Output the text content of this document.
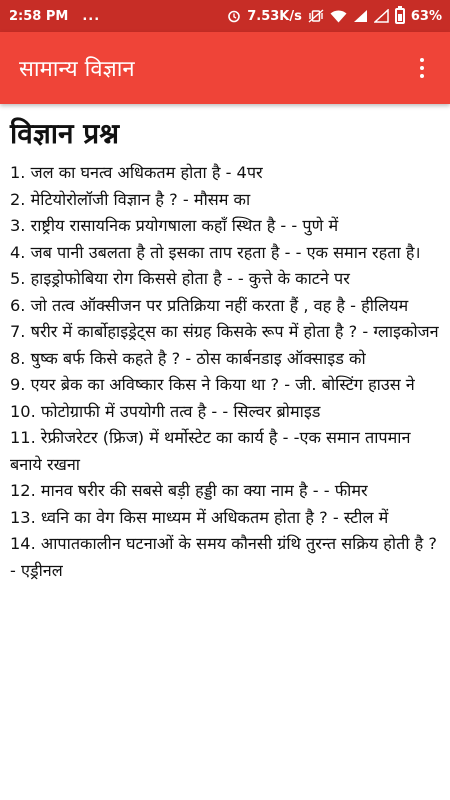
2:58 PM ...	7.53K/s	63%
सामान्य विज्ञान
विज्ञान प्रश्न

1. जल का घनत्व अधिकतम होता है - 4पर

2. मेटियोरोलॉजी विज्ञान है ? - मौसम का

3. राष्ट्रीय रासायनिक प्रयोगषाला कहाँ स्थित है - - पुणे में

4. जब पानी उबलता है तो इसका ताप रहता है - - एक समान रहता है।

5. हाइड्रोफोबिया रोग किससे होता है - - कुत्ते के काटने पर

6. जो तत्व ऑक्सीजन पर प्रतिक्रिया नहीं करता हैं , वह है - हीलियम

7. षरीर में कार्बोहाइड्रेट्स का संग्रह किसके रूप में होता है ? - ग्लाइकोजन

8. षुष्क बर्फ किसे कहते है ? - ठोस कार्बनडाइ ऑक्साइड को

9. एयर ब्रेक का अविष्कार किस ने किया था ? - जी. बोस्टिंग हाउस ने

10. फोटोग्राफी में उपयोगी तत्व है - - सिल्वर ब्रोमाइड

11. रेफ्रीजरेटर (फ्रिज) में थर्मोस्टेट का कार्य है - -एक समान तापमान बनाये रखना

12. मानव षरीर की सबसे बड़ी हड्डी का क्या नाम है - - फीमर

13. ध्वनि का वेग किस माध्यम में अधिकतम होता है ? - स्टील में

14. आपातकालीन घटनाओं के समय कौनसी ग्रंथि तुरन्त सक्रिय होती है ? - एड्रीनल
